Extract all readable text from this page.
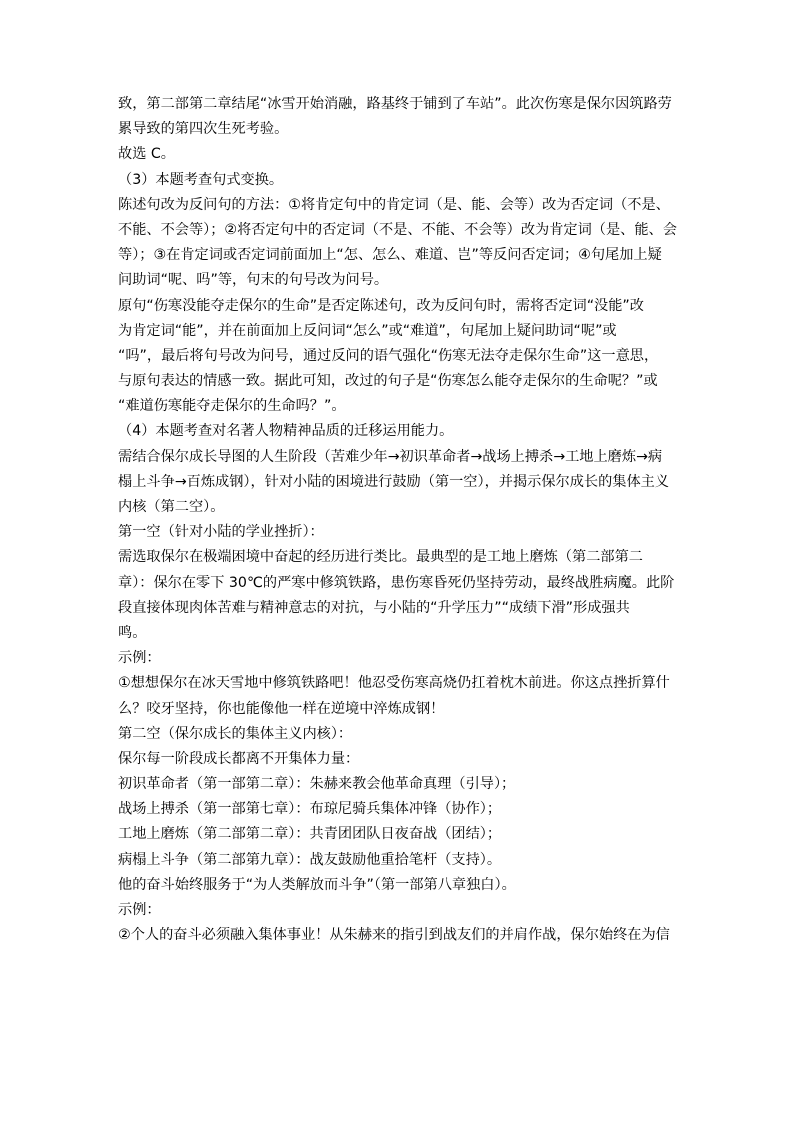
致，第二部第二章结尾“冰雪开始消融，路基终于铺到了车站”。此次伤寒是保尔因筑路劳
累导致的第四次生死考验。
故选 C。
（3）本题考查句式变换。
陈述句改为反问句的方法：①将肯定句中的肯定词（是、能、会等）改为否定词（不是、
不能、不会等）；②将否定句中的否定词（不是、不能、不会等）改为肯定词（是、能、会
等）；③在肯定词或否定词前面加上“怎、怎么、难道、岂”等反问否定词；④句尾加上疑
问助词“呢、吗”等，句末的句号改为问号。
原句“伤寒没能夺走保尔的生命”是否定陈述句，改为反问句时，需将否定词“没能”改
为肯定词“能”，并在前面加上反问词“怎么”或“难道”，句尾加上疑问助词“呢”或
“吗”，最后将句号改为问号，通过反问的语气强化“伤寒无法夺走保尔生命”这一意思，
与原句表达的情感一致。据此可知，改过的句子是“伤寒怎么能夺走保尔的生命呢？”或
“难道伤寒能夺走保尔的生命吗？”。
（4）本题考查对名著人物精神品质的迁移运用能力。
需结合保尔成长导图的人生阶段（苦难少年→初识革命者→战场上搏杀→工地上磨炼→病
榻上斗争→百炼成钢），针对小陆的困境进行鼓励（第一空），并揭示保尔成长的集体主义
内核（第二空）。
第一空（针对小陆的学业挫折）：
需选取保尔在极端困境中奋起的经历进行类比。最典型的是工地上磨炼（第二部第二
章）：保尔在零下 30℃的严寒中修筑铁路，患伤寒昏死仍坚持劳动，最终战胜病魔。此阶
段直接体现肉体苦难与精神意志的对抗，与小陆的“升学压力”“成绩下滑”形成强共
鸣。
示例：
①想想保尔在冰天雪地中修筑铁路吧！他忍受伤寒高烧仍扛着枕木前进。你这点挫折算什
么？咬牙坚持，你也能像他一样在逆境中淬炼成钢！
第二空（保尔成长的集体主义内核）：
保尔每一阶段成长都离不开集体力量：
初识革命者（第一部第二章）：朱赫来教会他革命真理（引导）；
战场上搏杀（第一部第七章）：布琼尼骑兵集体冲锋（协作）；
工地上磨炼（第二部第二章）：共青团团队日夜奋战（团结）；
病榻上斗争（第二部第九章）：战友鼓励他重拾笔杆（支持）。
他的奋斗始终服务于“为人类解放而斗争”（第一部第八章独白）。
示例：
②个人的奋斗必须融入集体事业！从朱赫来的指引到战友们的并肩作战，保尔始终在为信
